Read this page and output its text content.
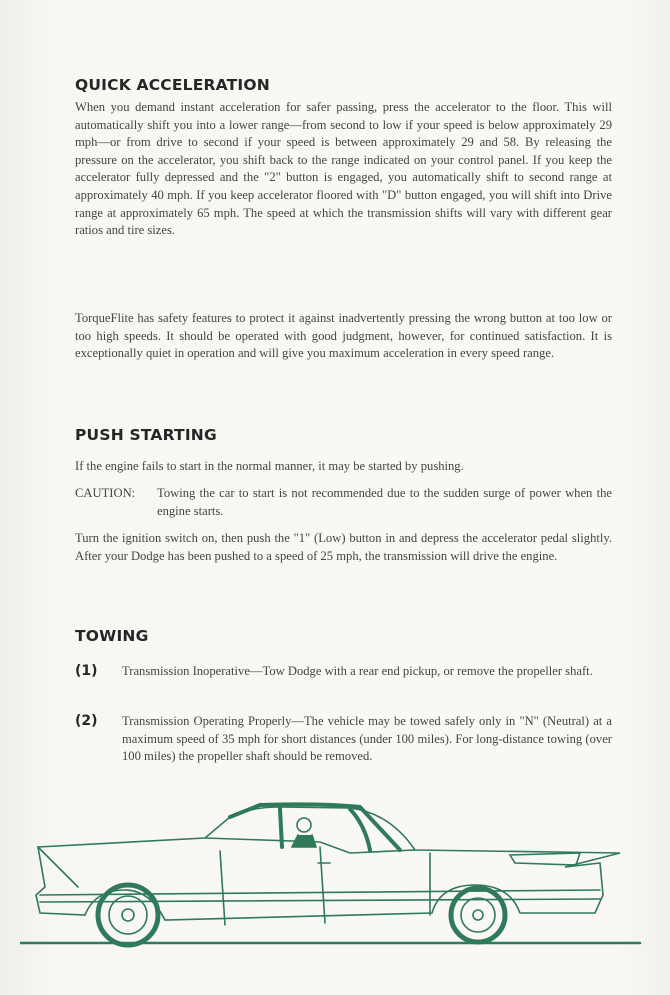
QUICK ACCELERATION

When you demand instant acceleration for safer passing, press the accelerator to the floor. This will automatically shift you into a lower range—from second to low if your speed is below approximately 29 mph—or from drive to second if your speed is between approximately 29 and 58. By releasing the pressure on the accelerator, you shift back to the range indicated on your control panel. If you keep the accelerator fully depressed and the "2" button is engaged, you automatically shift to second range at approximately 40 mph. If you keep accelerator floored with "D" button engaged, you will shift into Drive range at approximately 65 mph. The speed at which the transmission shifts will vary with different gear ratios and tire sizes.

TorqueFlite has safety features to protect it against inadvertently pressing the wrong button at too low or too high speeds. It should be operated with good judgment, however, for continued satisfaction. It is exceptionally quiet in operation and will give you maximum acceleration in every speed range.

PUSH STARTING

If the engine fails to start in the normal manner, it may be started by pushing.

CAUTION:	Towing the car to start is not recommended due to the sudden surge of power when the engine starts.

Turn the ignition switch on, then push the "1" (Low) button in and depress the accelerator pedal slightly. After your Dodge has been pushed to a speed of 25 mph, the transmission will drive the engine.

TOWING
(1)	Transmission Inoperative—Tow Dodge with a rear end pickup, or remove the propeller shaft.
(2)	Transmission Operating Properly—The vehicle may be towed safely only in "N" (Neutral) at a maximum speed of 35 mph for short distances (under 100 miles). For long-distance towing (over 100 miles) the propeller shaft should be removed.
